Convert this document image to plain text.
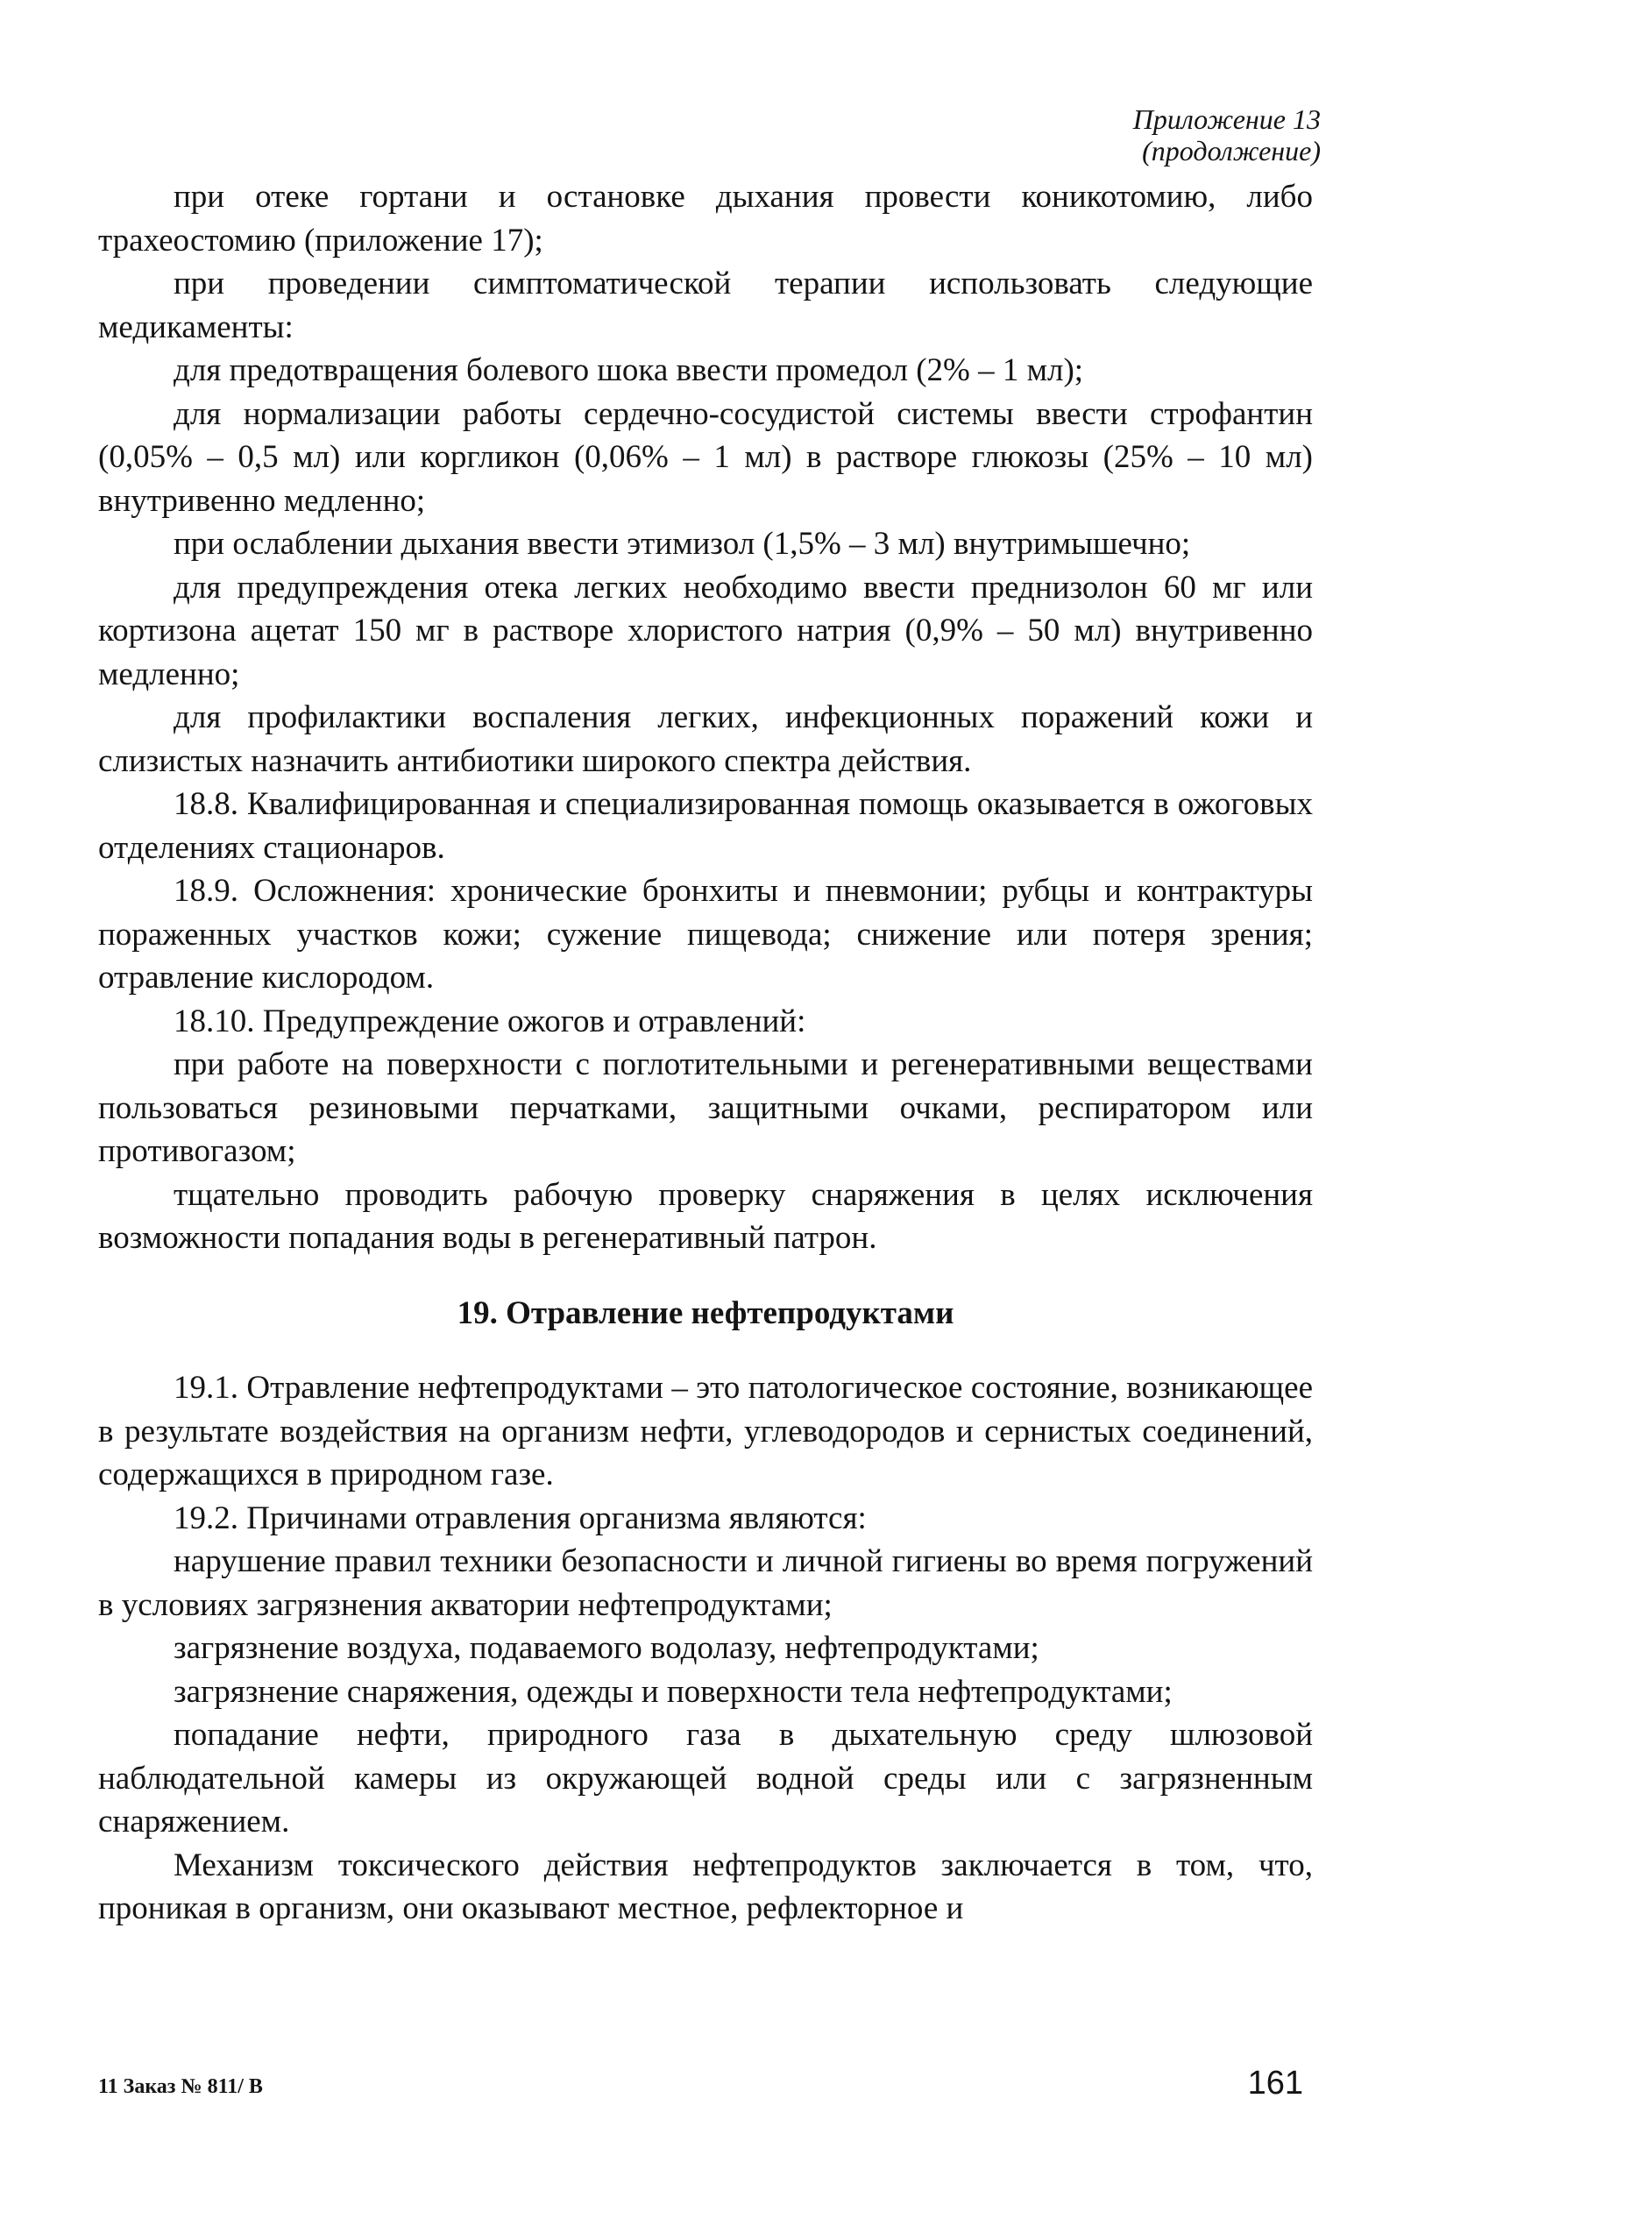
Приложение 13
(продолжение)

при отеке гортани и остановке дыхания провести коникотомию, либо трахеостомию (приложение 17);

при проведении симптоматической терапии использовать следующие медикаменты:

для предотвращения болевого шока ввести промедол (2% – 1 мл);

для нормализации работы сердечно-сосудистой системы ввести строфантин (0,05% – 0,5 мл) или коргликон (0,06% – 1 мл) в растворе глюкозы (25% – 10 мл) внутривенно медленно;

при ослаблении дыхания ввести этимизол (1,5% – 3 мл) внутримышечно;

для предупреждения отека легких необходимо ввести преднизолон 60 мг или кортизона ацетат 150 мг в растворе хлористого натрия (0,9% – 50 мл) внутривенно медленно;

для профилактики воспаления легких, инфекционных поражений кожи и слизистых назначить антибиотики широкого спектра действия.

18.8. Квалифицированная и специализированная помощь оказывается в ожоговых отделениях стационаров.

18.9. Осложнения: хронические бронхиты и пневмонии; рубцы и контрактуры пораженных участков кожи; сужение пищевода; снижение или потеря зрения; отравление кислородом.

18.10. Предупреждение ожогов и отравлений:

при работе на поверхности с поглотительными и регенеративными веществами пользоваться резиновыми перчатками, защитными очками, респиратором или противогазом;

тщательно проводить рабочую проверку снаряжения в целях исключения возможности попадания воды в регенеративный патрон.

19. Отравление нефтепродуктами

19.1. Отравление нефтепродуктами – это патологическое состояние, возникающее в результате воздействия на организм нефти, углеводородов и сернистых соединений, содержащихся в природном газе.

19.2. Причинами отравления организма являются:

нарушение правил техники безопасности и личной гигиены во время погружений в условиях загрязнения акватории нефтепродуктами;

загрязнение воздуха, подаваемого водолазу, нефтепродуктами;

загрязнение снаряжения, одежды и поверхности тела нефтепродуктами;

попадание нефти, природного газа в дыхательную среду шлюзовой наблюдательной камеры из окружающей водной среды или с загрязненным снаряжением.

Механизм токсического действия нефтепродуктов заключается в том, что, проникая в организм, они оказывают местное, рефлекторное и

11 Заказ № 811/ В	161
